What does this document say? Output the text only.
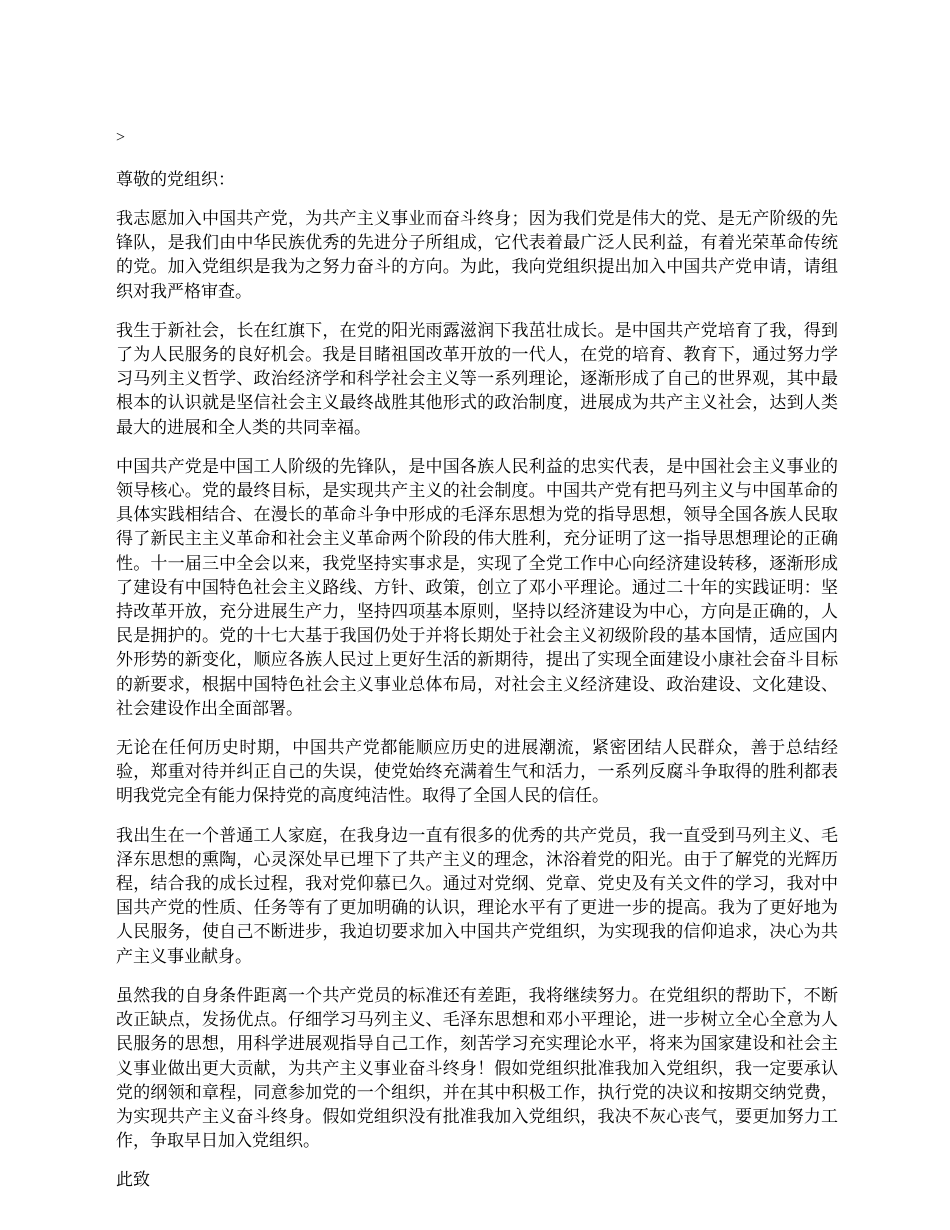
>
尊敬的党组织：

我志愿加入中国共产党，为共产主义事业而奋斗终身；因为我们党是伟大的党、是无产阶级的先锋队，是我们由中华民族优秀的先进分子所组成，它代表着最广泛人民利益，有着光荣革命传统的党。加入党组织是我为之努力奋斗的方向。为此，我向党组织提出加入中国共产党申请，请组织对我严格审查。

我生于新社会，长在红旗下，在党的阳光雨露滋润下我茁壮成长。是中国共产党培育了我，得到了为人民服务的良好机会。我是目睹祖国改革开放的一代人，在党的培育、教育下，通过努力学习马列主义哲学、政治经济学和科学社会主义等一系列理论，逐渐形成了自己的世界观，其中最根本的认识就是坚信社会主义最终战胜其他形式的政治制度，进展成为共产主义社会，达到人类最大的进展和全人类的共同幸福。

中国共产党是中国工人阶级的先锋队，是中国各族人民利益的忠实代表，是中国社会主义事业的领导核心。党的最终目标，是实现共产主义的社会制度。中国共产党有把马列主义与中国革命的具体实践相结合、在漫长的革命斗争中形成的毛泽东思想为党的指导思想，领导全国各族人民取得了新民主主义革命和社会主义革命两个阶段的伟大胜利，充分证明了这一指导思想理论的正确性。十一届三中全会以来，我党坚持实事求是，实现了全党工作中心向经济建设转移，逐渐形成了建设有中国特色社会主义路线、方针、政策，创立了邓小平理论。通过二十年的实践证明：坚持改革开放，充分进展生产力，坚持四项基本原则，坚持以经济建设为中心，方向是正确的，人民是拥护的。党的十七大基于我国仍处于并将长期处于社会主义初级阶段的基本国情，适应国内外形势的新变化，顺应各族人民过上更好生活的新期待，提出了实现全面建设小康社会奋斗目标的新要求，根据中国特色社会主义事业总体布局，对社会主义经济建设、政治建设、文化建设、社会建设作出全面部署。

无论在任何历史时期，中国共产党都能顺应历史的进展潮流，紧密团结人民群众，善于总结经验，郑重对待并纠正自己的失误，使党始终充满着生气和活力，一系列反腐斗争取得的胜利都表明我党完全有能力保持党的高度纯洁性。取得了全国人民的信任。

我出生在一个普通工人家庭，在我身边一直有很多的优秀的共产党员，我一直受到马列主义、毛泽东思想的熏陶，心灵深处早已埋下了共产主义的理念，沐浴着党的阳光。由于了解党的光辉历程，结合我的成长过程，我对党仰慕已久。通过对党纲、党章、党史及有关文件的学习，我对中国共产党的性质、任务等有了更加明确的认识，理论水平有了更进一步的提高。我为了更好地为人民服务，使自己不断进步，我迫切要求加入中国共产党组织，为实现我的信仰追求，决心为共产主义事业献身。

虽然我的自身条件距离一个共产党员的标准还有差距，我将继续努力。在党组织的帮助下，不断改正缺点，发扬优点。仔细学习马列主义、毛泽东思想和邓小平理论，进一步树立全心全意为人民服务的思想，用科学进展观指导自己工作，刻苦学习充实理论水平，将来为国家建设和社会主义事业做出更大贡献，为共产主义事业奋斗终身！假如党组织批准我加入党组织，我一定要承认党的纲领和章程，同意参加党的一个组织，并在其中积极工作，执行党的决议和按期交纳党费，为实现共产主义奋斗终身。假如党组织没有批准我加入党组织，我决不灰心丧气，要更加努力工作，争取早日加入党组织。

此致
